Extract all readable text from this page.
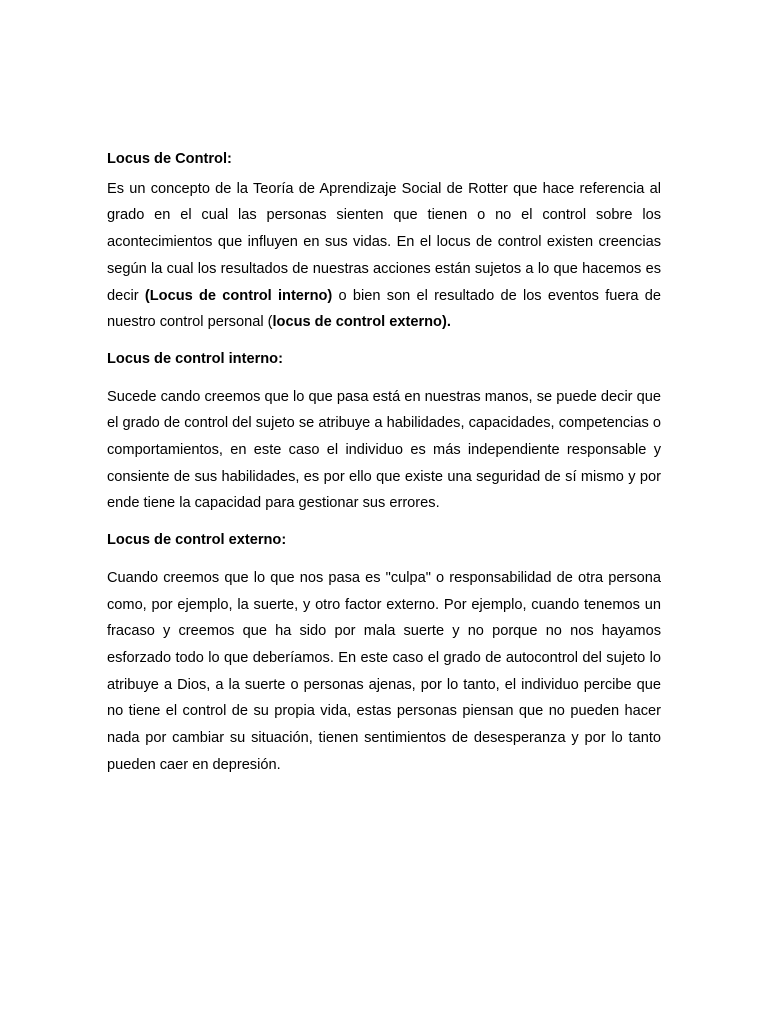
Locus de Control:

Es un concepto de la Teoría de Aprendizaje Social de Rotter que hace referencia al grado en el cual las personas sienten que tienen o no el control sobre los acontecimientos que influyen en sus vidas. En el locus de control existen creencias según la cual los resultados de nuestras acciones están sujetos a lo que hacemos es decir (Locus de control interno) o bien son el resultado de los eventos fuera de nuestro control personal (locus de control externo).

Locus de control interno:

Sucede cando creemos que lo que pasa está en nuestras manos, se puede decir que el grado de control del sujeto se atribuye a habilidades, capacidades, competencias o comportamientos, en este caso el individuo es más independiente responsable y consiente de sus habilidades, es por ello que existe una seguridad de sí mismo y por ende tiene la capacidad para gestionar sus errores.

Locus de control externo:

Cuando creemos que lo que nos pasa es "culpa" o responsabilidad de otra persona como, por ejemplo, la suerte, y otro factor externo. Por ejemplo, cuando tenemos un fracaso y creemos que ha sido por mala suerte y no porque no nos hayamos esforzado todo lo que deberíamos. En este caso el grado de autocontrol del sujeto lo atribuye a Dios, a la suerte o personas ajenas, por lo tanto, el individuo percibe que no tiene el control de su propia vida, estas personas piensan que no pueden hacer nada por cambiar su situación, tienen sentimientos de desesperanza y por lo tanto pueden caer en depresión.
